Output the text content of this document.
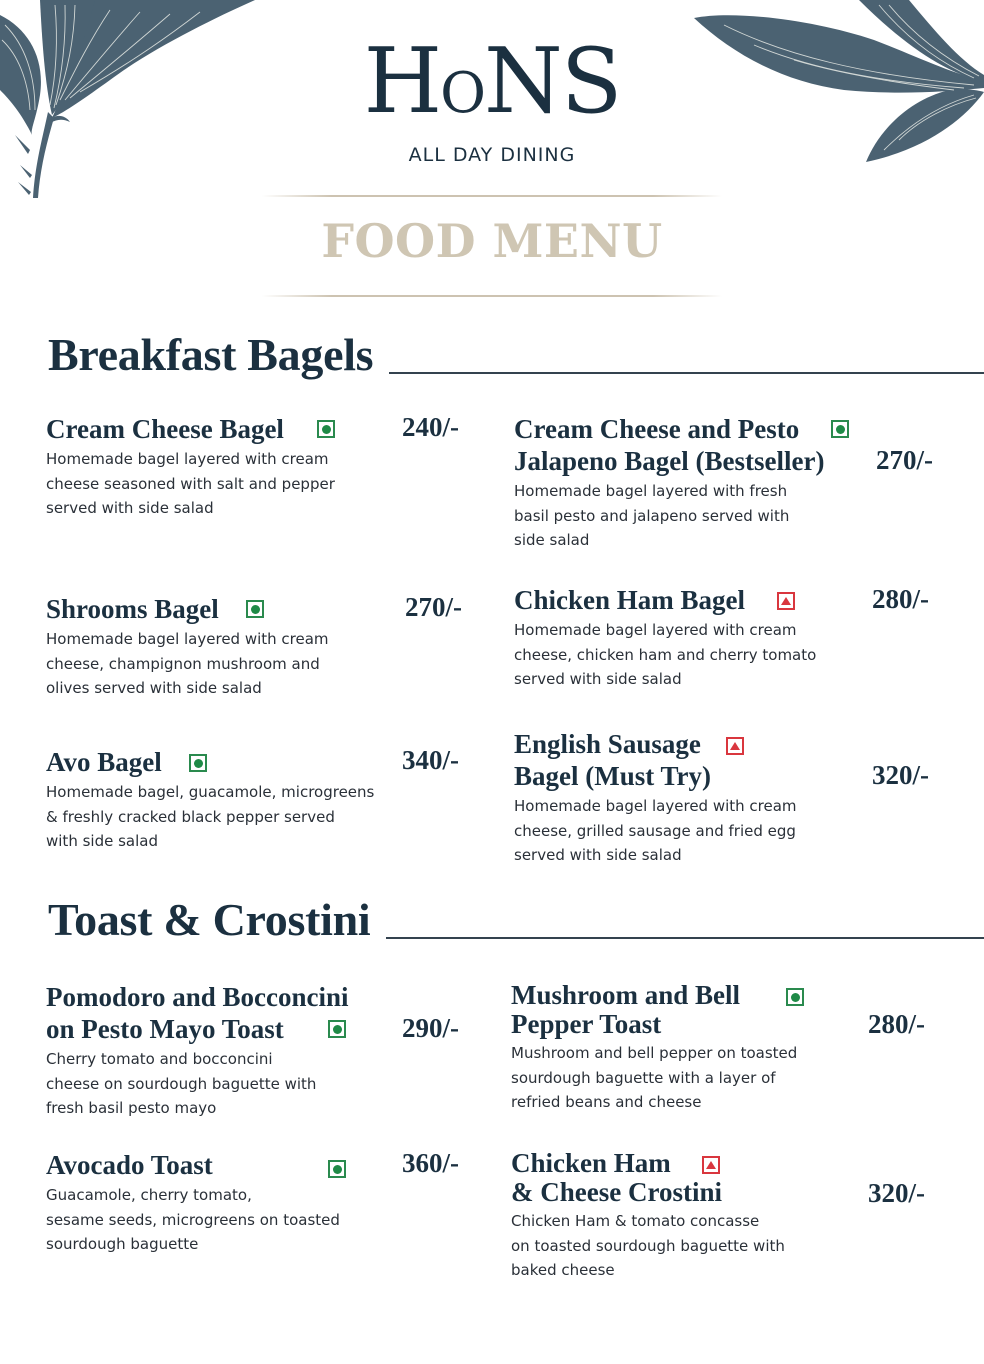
H O N S
ALL DAY DINING
FOOD MENU
Breakfast Bagels
Cream Cheese Bagel
Homemade bagel layered with cream
cheese seasoned with salt and pepper
served with side salad
240/- Cream Cheese and Pesto
Jalapeno Bagel (Bestseller)
Homemade bagel layered with fresh
basil pesto and jalapeno served with
side salad
270/-
Shrooms Bagel
Homemade bagel layered with cream
cheese, champignon mushroom and
olives served with side salad
270/- Chicken Ham Bagel
Homemade bagel layered with cream
cheese, chicken ham and cherry tomato
served with side salad
280/-
Avo Bagel
Homemade bagel, guacamole, microgreens
& freshly cracked black pepper served
with side salad
340/-
English Sausage
Bagel (Must Try)
Homemade bagel layered with cream
cheese, grilled sausage and fried egg
served with side salad
320/-
Toast & Crostini
Pomodoro and Bocconcini
on Pesto Mayo Toast
Cherry tomato and bocconcini
cheese on sourdough baguette with
fresh basil pesto mayo
290/-
Mushroom and Bell
Pepper Toast
Mushroom and bell pepper on toasted
sourdough baguette with a layer of
refried beans and cheese
280/-
Avocado Toast
Guacamole, cherry tomato,
sesame seeds, microgreens on toasted
sourdough baguette
360/- Chicken Ham
& Cheese Crostini
Chicken Ham & tomato concasse
on toasted sourdough baguette with
baked cheese
320/-
